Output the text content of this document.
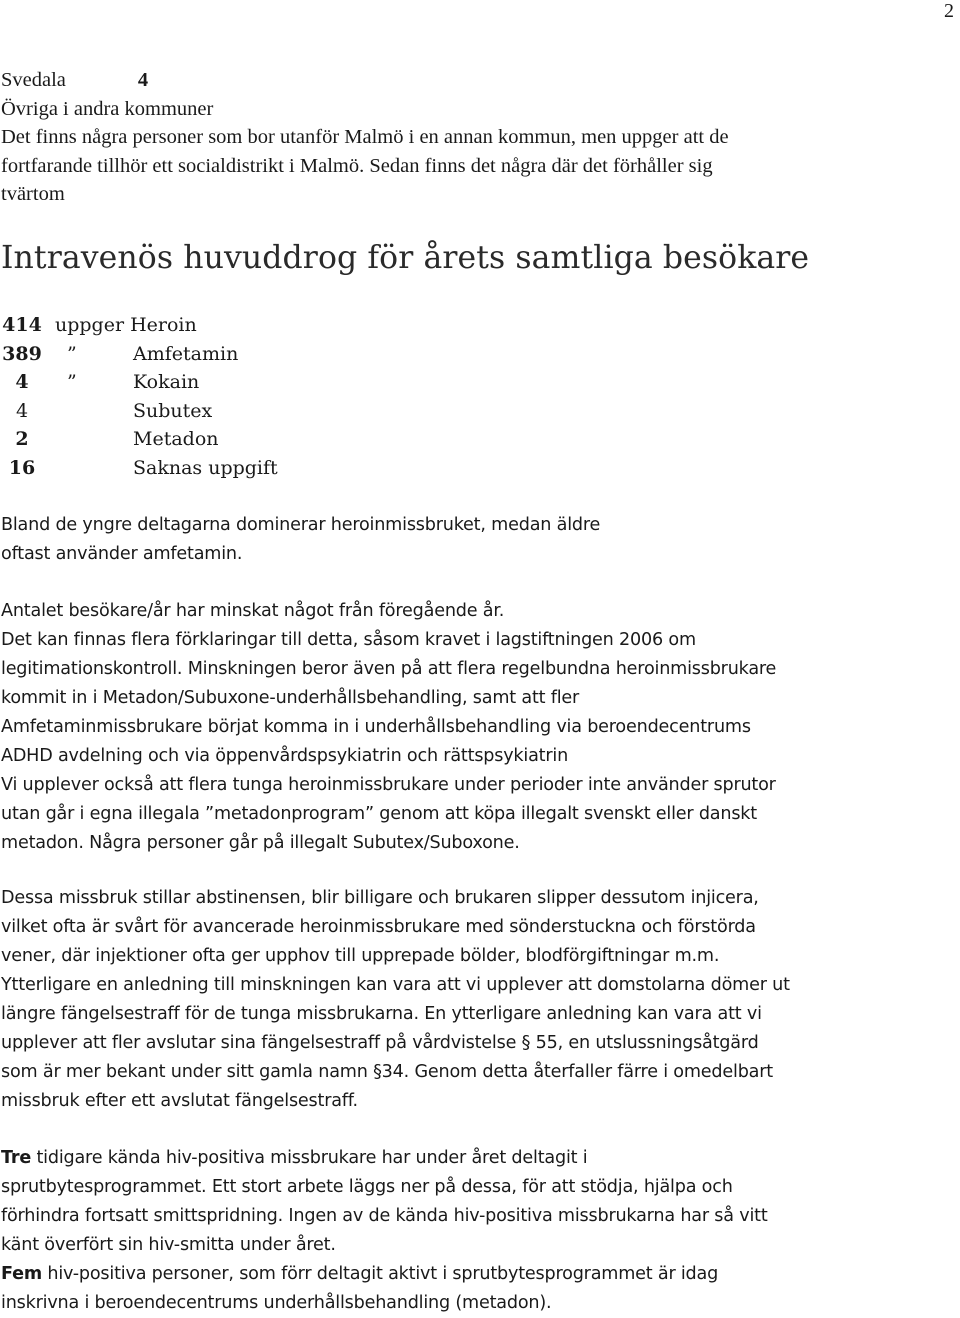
2
Svedala	4
Övriga i andra kommuner
Det finns några personer som bor utanför Malmö i en annan kommun, men uppger att de
fortfarande tillhör ett socialdistrikt i Malmö. Sedan finns det några där det förhåller sig
tvärtom
Intravenös huvuddrog för årets samtliga besökare
414 uppger Heroin
389 ”	Amfetamin
4	”	Kokain
4	Subutex
2	Metadon
16	Saknas uppgift

Bland de yngre deltagarna dominerar heroinmissbruket, medan äldre

oftast använder amfetamin.

Antalet besökare/år har minskat något från föregående år.

Det kan finnas flera förklaringar till detta, såsom kravet i lagstiftningen 2006 om

legitimationskontroll. Minskningen beror även på att flera regelbundna heroinmissbrukare

kommit in i Metadon/Subuxone-underhållsbehandling, samt att fler

Amfetaminmissbrukare börjat komma in i underhållsbehandling via beroendecentrums

ADHD avdelning och via öppenvårdspsykiatrin och rättspsykiatrin

Vi upplever också att flera tunga heroinmissbrukare under perioder inte använder sprutor

utan går i egna illegala ”metadonprogram” genom att köpa illegalt svenskt eller danskt

metadon. Några personer går på illegalt Subutex/Suboxone.

Dessa missbruk stillar abstinensen, blir billigare och brukaren slipper dessutom injicera,

vilket ofta är svårt för avancerade heroinmissbrukare med sönderstuckna och förstörda

vener, där injektioner ofta ger upphov till upprepade bölder, blodförgiftningar m.m.

Ytterligare en anledning till minskningen kan vara att vi upplever att domstolarna dömer ut

längre fängelsestraff för de tunga missbrukarna. En ytterligare anledning kan vara att vi

upplever att fler avslutar sina fängelsestraff på vårdvistelse § 55, en utslussningsåtgärd

som är mer bekant under sitt gamla namn §34. Genom detta återfaller färre i omedelbart

missbruk efter ett avslutat fängelsestraff.

Tre tidigare kända hiv-positiva missbrukare har under året deltagit i

sprutbytesprogrammet. Ett stort arbete läggs ner på dessa, för att stödja, hjälpa och

förhindra fortsatt smittspridning. Ingen av de kända hiv-positiva missbrukarna har så vitt

känt överfört sin hiv-smitta under året.

Fem hiv-positiva personer, som förr deltagit aktivt i sprutbytesprogrammet är idag

inskrivna i beroendecentrums underhållsbehandling (metadon).
